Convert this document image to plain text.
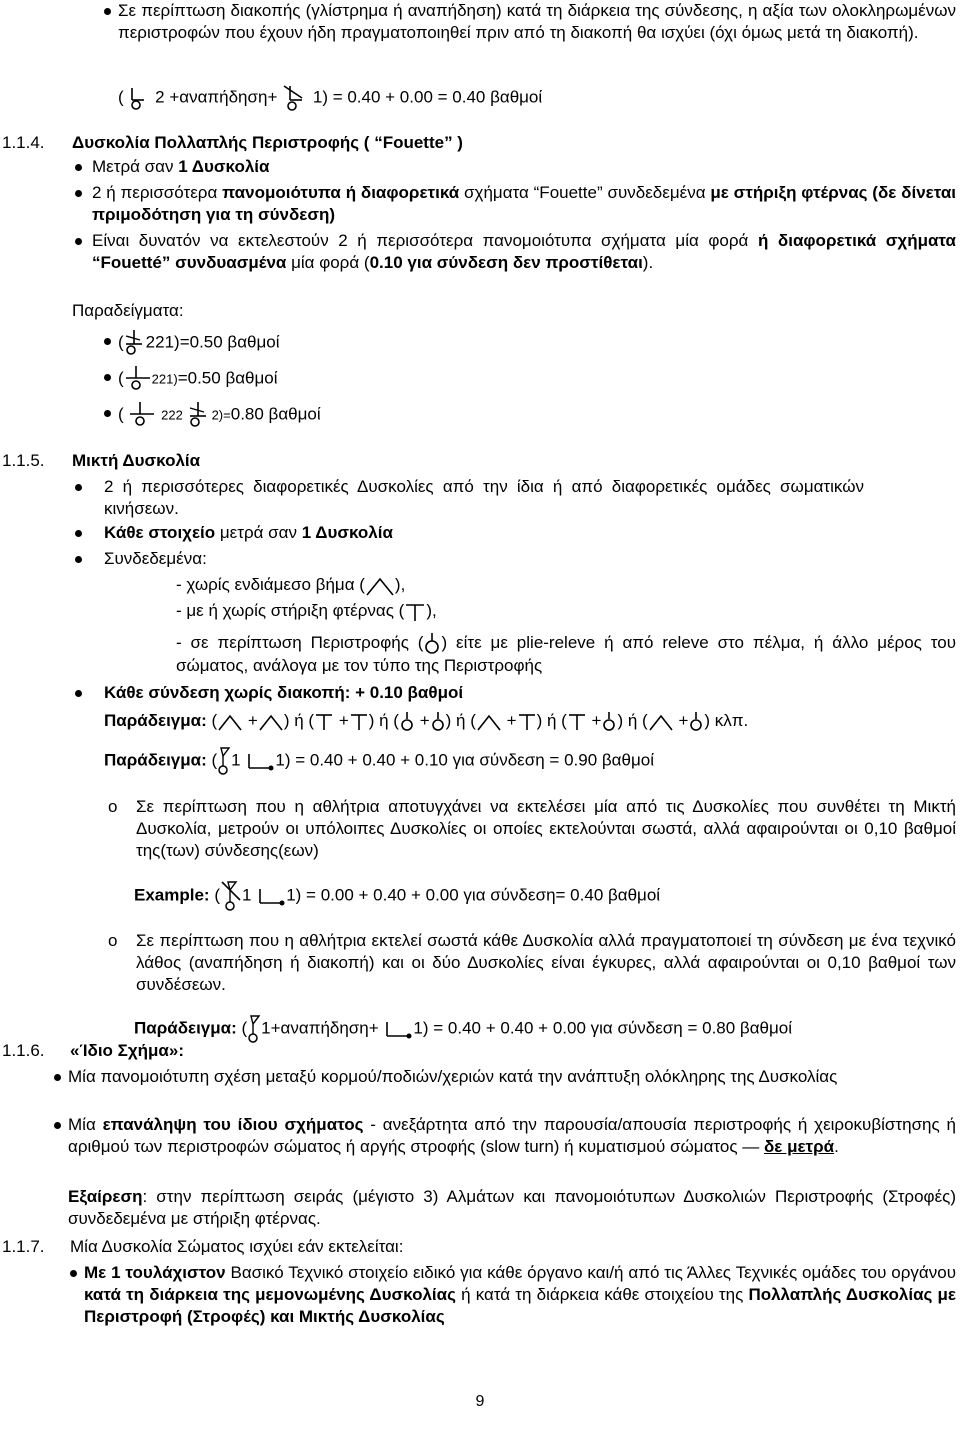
Σε περίπτωση διακοπής (γλίστρημα ή αναπήδηση) κατά τη διάρκεια της σύνδεσης, η αξία των ολοκληρωμένων περιστροφών που έχουν ήδη πραγματοποιηθεί πριν από τη διακοπή θα ισχύει (όχι όμως μετά τη διακοπή).
( 2 +αναπήδηση+ 1) = 0.40 + 0.00 = 0.40 βαθμοί
1.1.4. Δυσκολία Πολλαπλής Περιστροφής ( “Fouette” )
Μετρά σαν 1 Δυσκολία
2 ή περισσότερα πανομοιότυπα ή διαφορετικά σχήματα “Fouette” συνδεδεμένα με στήριξη φτέρνας (δε δίνεται πριμοδότηση για τη σύνδεση)
Είναι δυνατόν να εκτελεστούν 2 ή περισσότερα πανομοιότυπα σχήματα μία φορά ή διαφορετικά σχήματα “Fouetté” συνδυασμένα μία φορά (0.10 για σύνδεση δεν προστίθεται).
Παραδείγματα:
( 221)=0.50 βαθμοί
( 221)=0.50 βαθμοί
(	222 2)=0.80 βαθμοί
1.1.5. Μικτή Δυσκολία
2 ή περισσότερες διαφορετικές Δυσκολίες από την ίδια ή από διαφορετικές ομάδες σωματικών κινήσεων.
Κάθε στοιχείο μετρά σαν 1 Δυσκολία
Συνδεδεμένα:
- χωρίς ενδιάμεσο βήμα ( ),
- με ή χωρίς στήριξη φτέρνας ( ),
- σε περίπτωση Περιστροφής ( ) είτε με plie-releve ή από releve στο πέλμα, ή άλλο μέρος του σώματος, ανάλογα με τον τύπο της Περιστροφής
Κάθε σύνδεση χωρίς διακοπή: + 0.10 βαθμοί
Παράδειγμα: ( + ) ή ( + ) ή ( + ) ή ( + ) ή ( + ) ή ( + ) κλπ.
Παράδειγμα: ( 1 1) = 0.40 + 0.40 + 0.10 για σύνδεση = 0.90 βαθμοί
o Σε περίπτωση που η αθλήτρια αποτυγχάνει να εκτελέσει μία από τις Δυσκολίες που συνθέτει τη Μικτή Δυσκολία, μετρούν οι υπόλοιπες Δυσκολίες οι οποίες εκτελούνται σωστά, αλλά αφαιρούνται οι 0,10 βαθμοί της(των) σύνδεσης(εων)
Example: ( 1 1) = 0.00 + 0.40 + 0.00 για σύνδεση= 0.40 βαθμοί
o Σε περίπτωση που η αθλήτρια εκτελεί σωστά κάθε Δυσκολία αλλά πραγματοποιεί τη σύνδεση με ένα τεχνικό λάθος (αναπήδηση ή διακοπή) και οι δύο Δυσκολίες είναι έγκυρες, αλλά αφαιρούνται οι 0,10 βαθμοί των συνδέσεων.
Παράδειγμα: ( 1+αναπήδηση+ 1) = 0.40 + 0.40 + 0.00 για σύνδεση = 0.80 βαθμοί
1.1.6. «Ίδιο Σχήμα»:
Μία πανομοιότυπη σχέση μεταξύ κορμού/ποδιών/χεριών κατά την ανάπτυξη ολόκληρης της Δυσκολίας
Μία επανάληψη του ίδιου σχήματος - ανεξάρτητα από την παρουσία/απουσία περιστροφής ή χειροκυβίστησης ή αριθμού των περιστροφών σώματος ή αργής στροφής (slow turn) ή κυματισμού σώματος — δε μετρά.
Εξαίρεση: στην περίπτωση σειράς (μέγιστο 3) Αλμάτων και πανομοιότυπων Δυσκολιών Περιστροφής (Στροφές) συνδεδεμένα με στήριξη φτέρνας.
1.1.7. Μία Δυσκολία Σώματος ισχύει εάν εκτελείται:
Με 1 τουλάχιστον Βασικό Τεχνικό στοιχείο ειδικό για κάθε όργανο και/ή από τις Άλλες Τεχνικές ομάδες του οργάνου κατά τη διάρκεια της μεμονωμένης Δυσκολίας ή κατά τη διάρκεια κάθε στοιχείου της Πολλαπλής Δυσκολίας με Περιστροφή (Στροφές) και Μικτής Δυσκολίας
9
